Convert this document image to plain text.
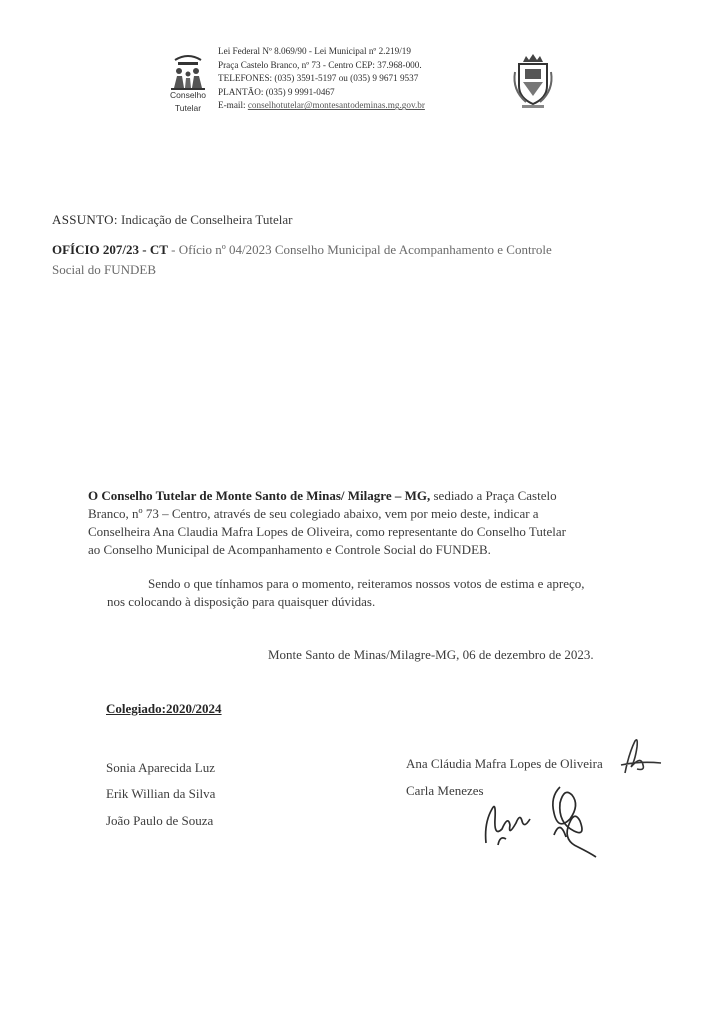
Conselho
Tutelar
Lei Federal Nº 8.069/90 - Lei Municipal nº 2.219/19
Praça Castelo Branco, nº 73 - Centro CEP: 37.968-000.
TELEFONES: (035) 3591-5197 ou (035) 9 9671 9537
PLANTÃO: (035) 9 9991-0467
E-mail: conselhotutelar@montesantodeminas.mg.gov.br
ASSUNTO: Indicação de Conselheira Tutelar
OFÍCIO 207/23 - CT - Ofício nº 04/2023 Conselho Municipal de Acompanhamento e Controle
Social do FUNDEB
O Conselho Tutelar de Monte Santo de Minas/ Milagre – MG, sediado a Praça Castelo
Branco, nº 73 – Centro, através de seu colegiado abaixo, vem por meio deste, indicar a
Conselheira Ana Claudia Mafra Lopes de Oliveira, como representante do Conselho Tutelar
ao Conselho Municipal de Acompanhamento e Controle Social do FUNDEB.
Sendo o que tínhamos para o momento, reiteramos nossos votos de estima e apreço,
nos colocando à disposição para quaisquer dúvidas.
Monte Santo de Minas/Milagre-MG, 06 de dezembro de 2023.
Colegiado:2020/2024
Sonia Aparecida Luz
Erik Willian da Silva
João Paulo de Souza
Ana Cláudia Mafra Lopes de Oliveira
Carla Menezes
